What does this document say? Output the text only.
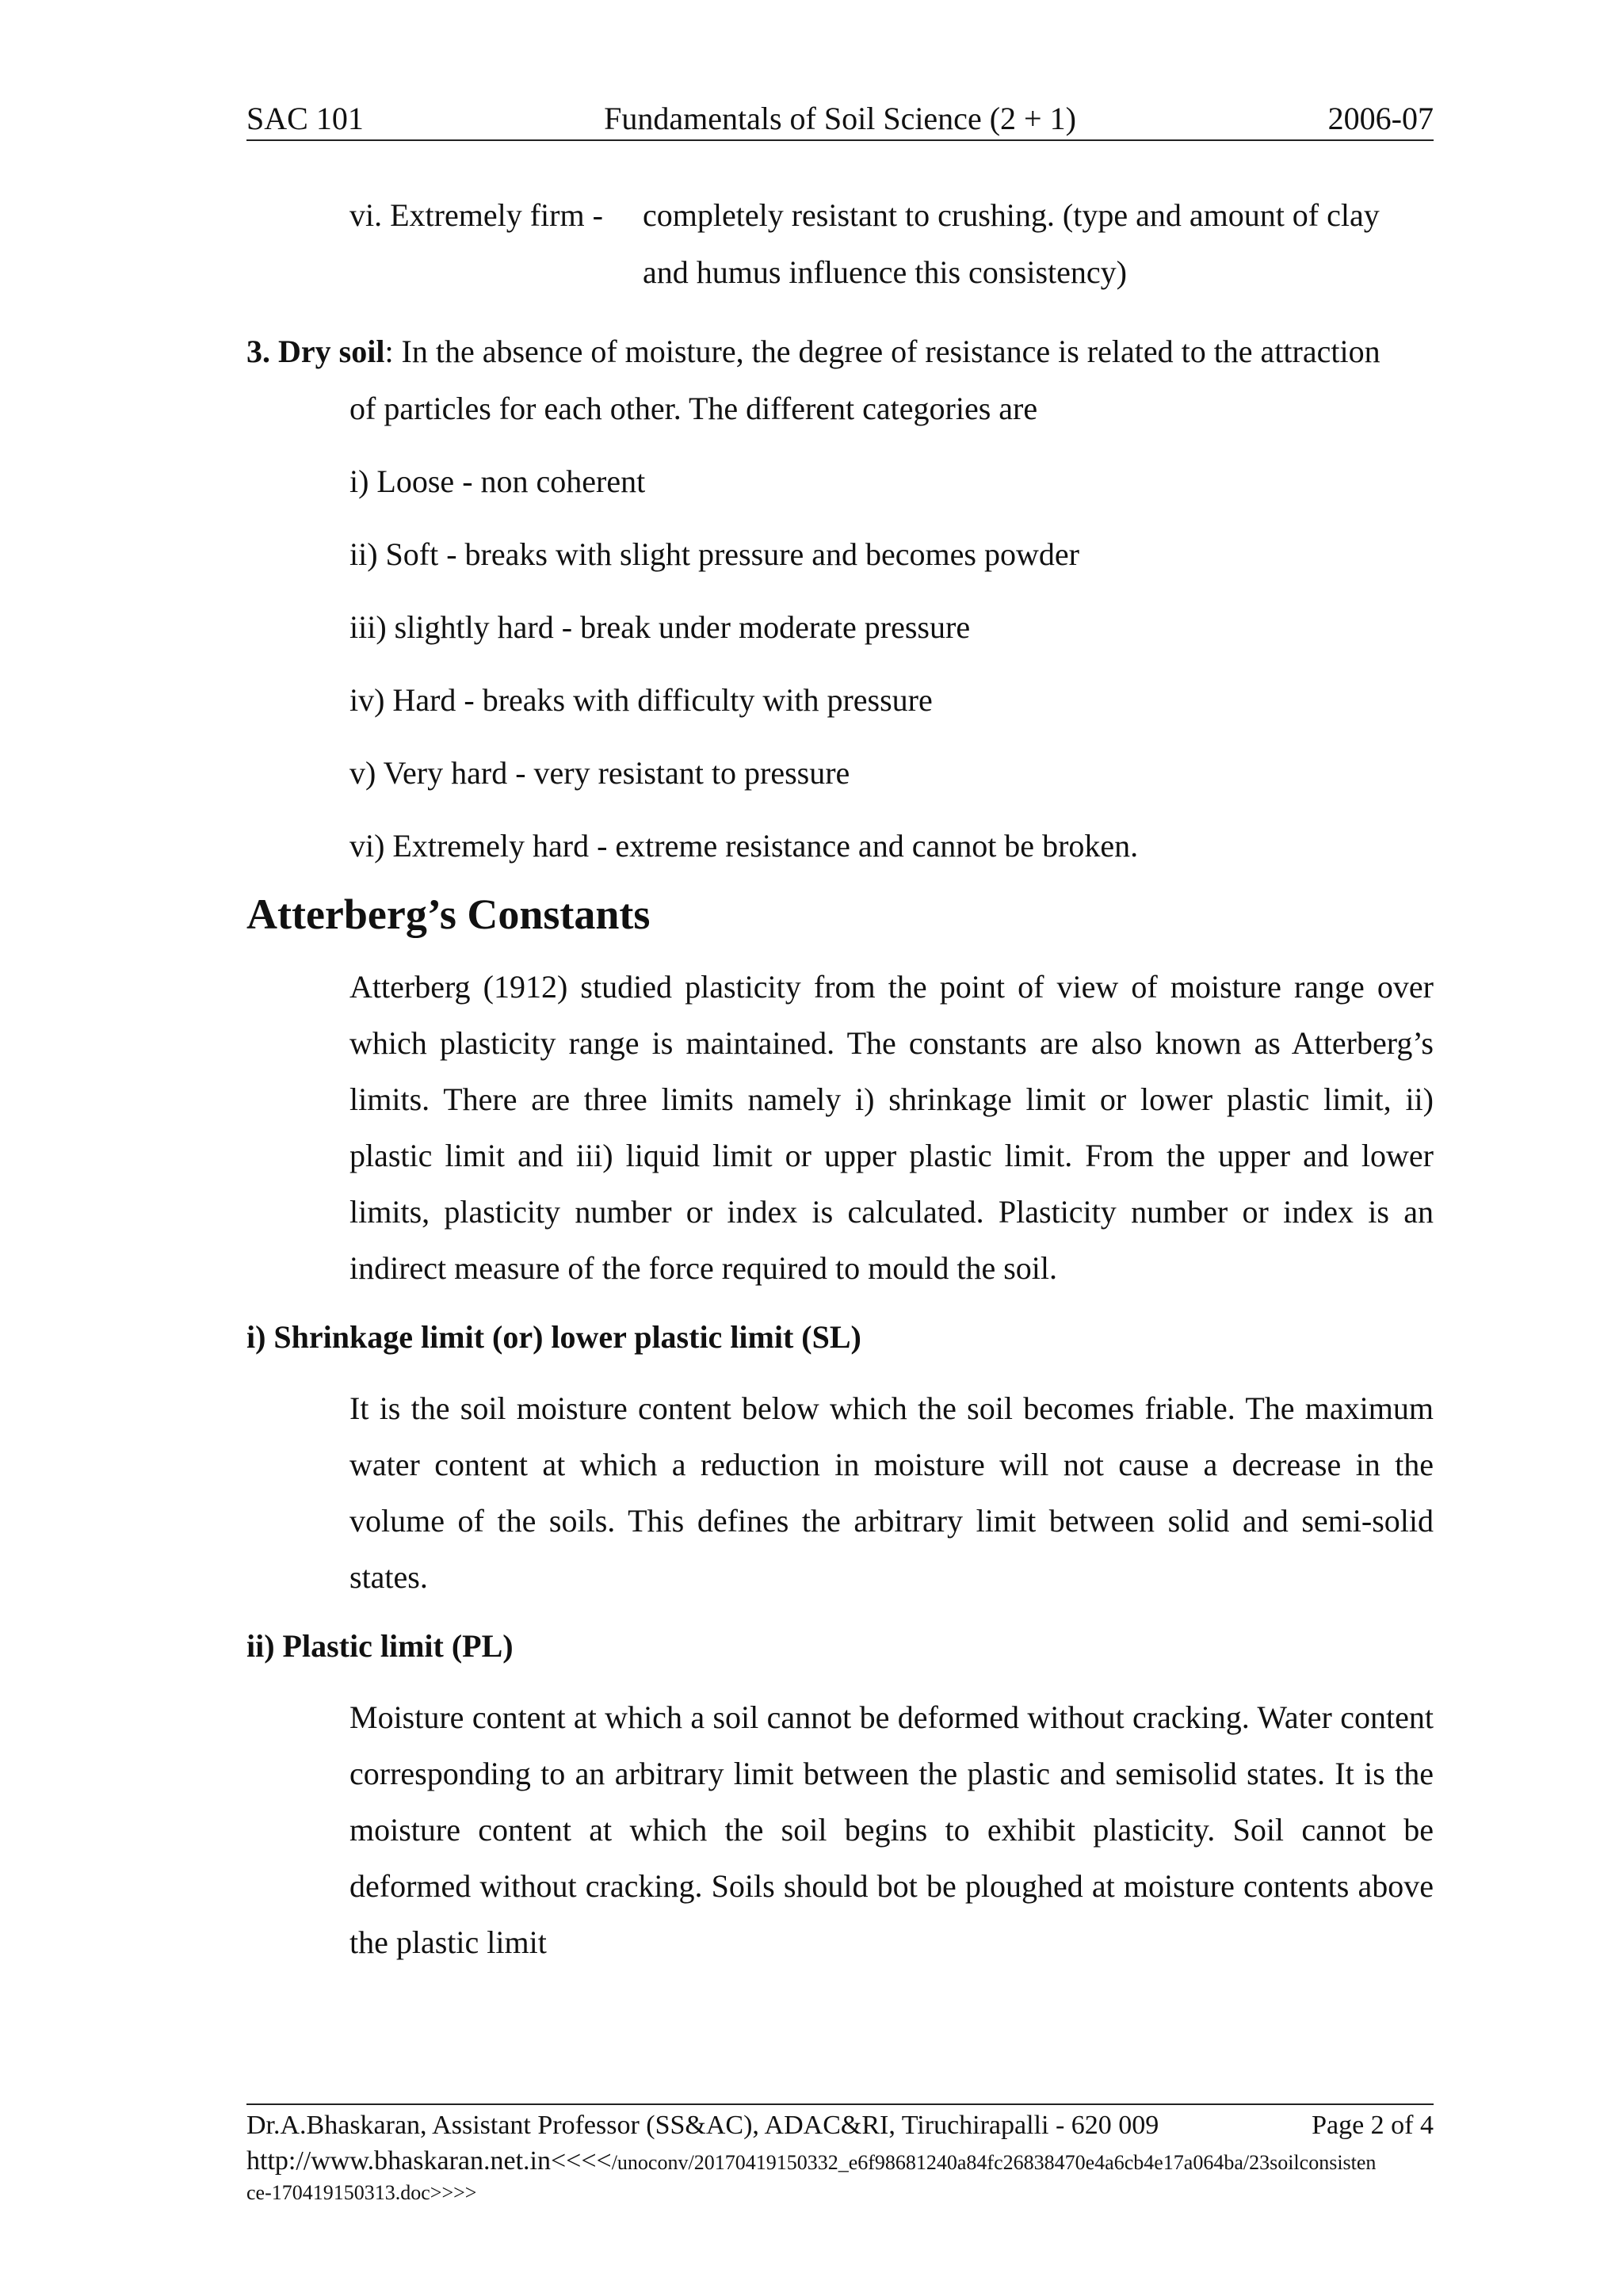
SAC 101	Fundamentals of Soil Science (2 + 1)	2006-07
vi. Extremely firm -	completely resistant to crushing. (type and amount of clay
and humus influence this consistency)
3. Dry soil: In the absence of moisture, the degree of resistance is related to the attraction
of particles for each other. The different categories are
i) Loose - non coherent
ii) Soft - breaks with slight pressure and becomes powder
iii) slightly hard - break under moderate pressure
iv) Hard - breaks with difficulty with pressure
v) Very hard - very resistant to pressure
vi) Extremely hard - extreme resistance and cannot be broken.
Atterberg’s Constants
Atterberg (1912) studied plasticity from the point of view of moisture range over which plasticity range is maintained. The constants are also known as Atterberg’s limits. There are three limits namely i) shrinkage limit or lower plastic limit, ii) plastic limit and iii) liquid limit or upper plastic limit. From the upper and lower limits, plasticity number or index is calculated. Plasticity number or index is an indirect measure of the force required to mould the soil.
i) Shrinkage limit (or) lower plastic limit (SL)
It is the soil moisture content below which the soil becomes friable. The maximum water content at which a reduction in moisture will not cause a decrease in the volume of the soils. This defines the arbitrary limit between solid and semi-solid states.
ii) Plastic limit (PL)
Moisture content at which a soil cannot be deformed without cracking. Water content corresponding to an arbitrary limit between the plastic and semisolid states. It is the moisture content at which the soil begins to exhibit plasticity. Soil cannot be deformed without cracking. Soils should bot be ploughed at moisture contents above the plastic limit
Dr.A.Bhaskaran, Assistant Professor (SS&AC), ADAC&RI, Tiruchirapalli - 620 009	Page 2 of 4
http://www.bhaskaran.net.in<<<</unoconv/20170419150332_e6f98681240a84fc26838470e4a6cb4e17a064ba/23soilconsisten
ce-170419150313.doc>>>>
